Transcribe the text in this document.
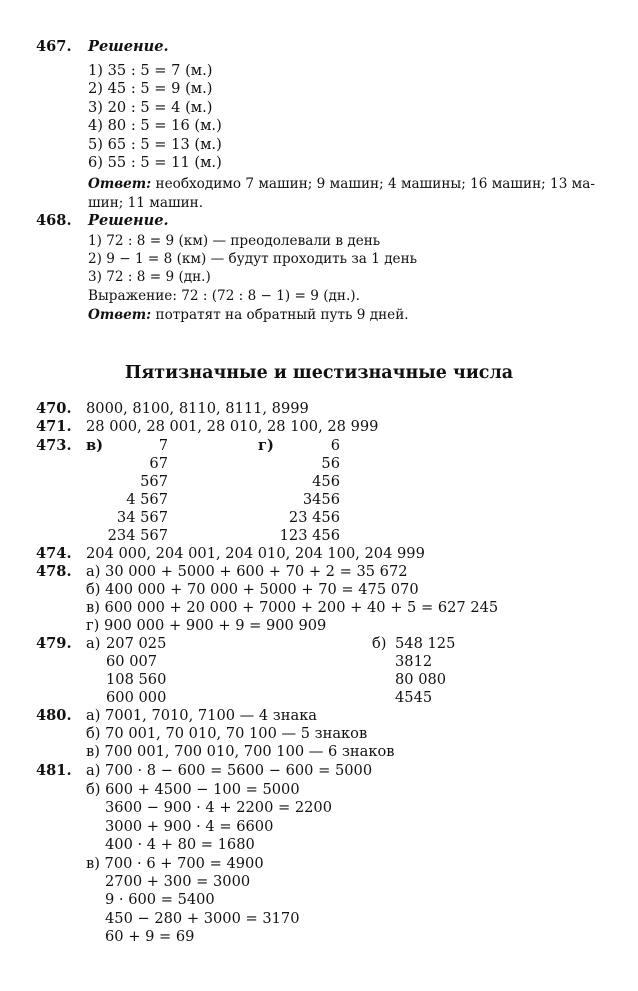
467. Решение.
1) 35 : 5 = 7 (м.)
2) 45 : 5 = 9 (м.)
3) 20 : 5 = 4 (м.)
4) 80 : 5 = 16 (м.)
5) 65 : 5 = 13 (м.)
6) 55 : 5 = 11 (м.)
Ответ: необходимо 7 машин; 9 машин; 4 машины; 16 машин; 13 ма-
шин; 11 машин.
468. Решение.
1) 72 : 8 = 9 (км) — преодолевали в день
2) 9 − 1 = 8 (км) — будут проходить за 1 день
3) 72 : 8 = 9 (дн.)
Выражение: 72 : (72 : 8 − 1) = 9 (дн.).
Ответ: потратят на обратный путь 9 дней.
Пятизначные и шестизначные числа
470. 8000, 8100, 8110, 8111, 8999
471. 28 000, 28 001, 28 010, 28 100, 28 999
473. в)	г)
7
67
567
4 567
34 567
234 567
6
56
456
3456
23 456
123 456
474. 204 000, 204 001, 204 010, 204 100, 204 999
478. а) 30 000 + 5000 + 600 + 70 + 2 = 35 672
б) 400 000 + 70 000 + 5000 + 70 = 475 070
в) 600 000 + 20 000 + 7000 + 200 + 40 + 5 = 627 245
г) 900 000 + 900 + 9 = 900 909
479. а) 207 025
60 007
108 560
600 000
б) 548 125
3812
80 080
4545
480. а) 7001, 7010, 7100 — 4 знака
б) 70 001, 70 010, 70 100 — 5 знаков
в) 700 001, 700 010, 700 100 — 6 знаков
481. а) 700 · 8 − 600 = 5600 − 600 = 5000
б) 600 + 4500 − 100 = 5000
3600 − 900 · 4 + 2200 = 2200
3000 + 900 · 4 = 6600
400 · 4 + 80 = 1680
в) 700 · 6 + 700 = 4900
2700 + 300 = 3000
9 · 600 = 5400
450 − 280 + 3000 = 3170
60 + 9 = 69
